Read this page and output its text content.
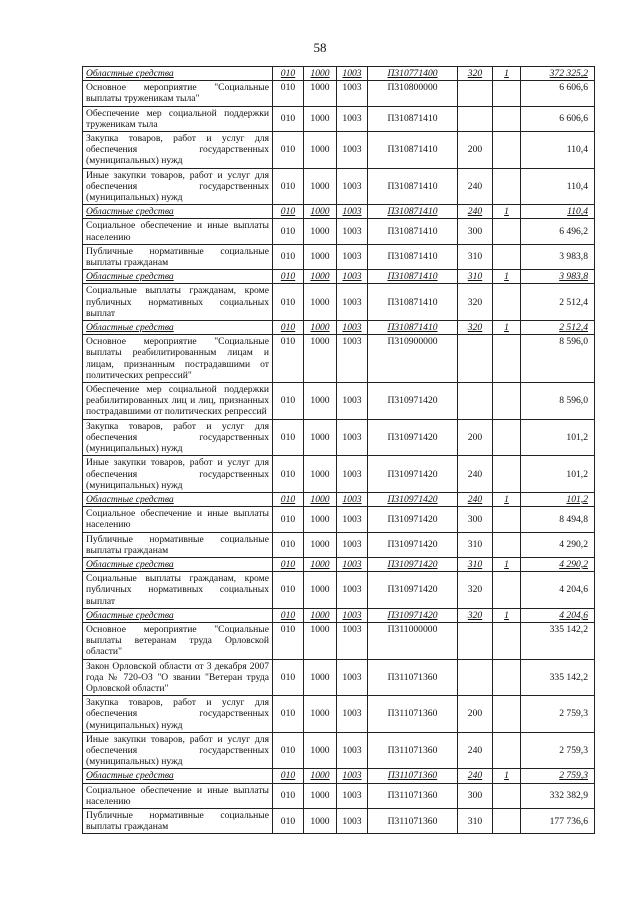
58
Областные средства	010	1000	1003	П310771400	320	1	372 325,2
Основное мероприятие "Социальные выплаты труженикам тыла"	010	1000	1003	П310800000			6 606,6
Обеспечение мер социальной поддержки труженикам тыла	010	1000	1003	П310871410			6 606,6
Закупка товаров, работ и услуг для обеспечения государственных (муниципальных) нужд	010	1000	1003	П310871410	200		110,4
Иные закупки товаров, работ и услуг для обеспечения государственных (муниципальных) нужд	010	1000	1003	П310871410	240		110,4
Областные средства	010	1000	1003	П310871410	240	1	110,4
Социальное обеспечение и иные выплаты населению	010	1000	1003	П310871410	300		6 496,2
Публичные нормативные социальные выплаты гражданам	010	1000	1003	П310871410	310		3 983,8
Областные средства	010	1000	1003	П310871410	310	1	3 983,8
Социальные выплаты гражданам, кроме публичных нормативных социальных выплат	010	1000	1003	П310871410	320		2 512,4
Областные средства	010	1000	1003	П310871410	320	1	2 512,4
Основное мероприятие "Социальные выплаты реабилитированным лицам и лицам, признанным пострадавшими от политических репрессий"	010	1000	1003	П310900000			8 596,0
Обеспечение мер социальной поддержки реабилитированных лиц и лиц, признанных пострадавшими от политических репрессий	010	1000	1003	П310971420			8 596,0
Закупка товаров, работ и услуг для обеспечения государственных (муниципальных) нужд	010	1000	1003	П310971420	200		101,2
Иные закупки товаров, работ и услуг для обеспечения государственных (муниципальных) нужд	010	1000	1003	П310971420	240		101,2
Областные средства	010	1000	1003	П310971420	240	1	101,2
Социальное обеспечение и иные выплаты населению	010	1000	1003	П310971420	300		8 494,8
Публичные нормативные социальные выплаты гражданам	010	1000	1003	П310971420	310		4 290,2
Областные средства	010	1000	1003	П310971420	310	1	4 290,2
Социальные выплаты гражданам, кроме публичных нормативных социальных выплат	010	1000	1003	П310971420	320		4 204,6
Областные средства	010	1000	1003	П310971420	320	1	4 204,6
Основное мероприятие "Социальные выплаты ветеранам труда Орловской области"	010	1000	1003	П311000000			335 142,2
Закон Орловской области от 3 декабря 2007 года № 720-ОЗ "О звании "Ветеран труда Орловской области"	010	1000	1003	П311071360			335 142,2
Закупка товаров, работ и услуг для обеспечения государственных (муниципальных) нужд	010	1000	1003	П311071360	200		2 759,3
Иные закупки товаров, работ и услуг для обеспечения государственных (муниципальных) нужд	010	1000	1003	П311071360	240		2 759,3
Областные средства	010	1000	1003	П311071360	240	1	2 759,3
Социальное обеспечение и иные выплаты населению	010	1000	1003	П311071360	300		332 382,9
Публичные нормативные социальные выплаты гражданам	010	1000	1003	П311071360	310		177 736,6
